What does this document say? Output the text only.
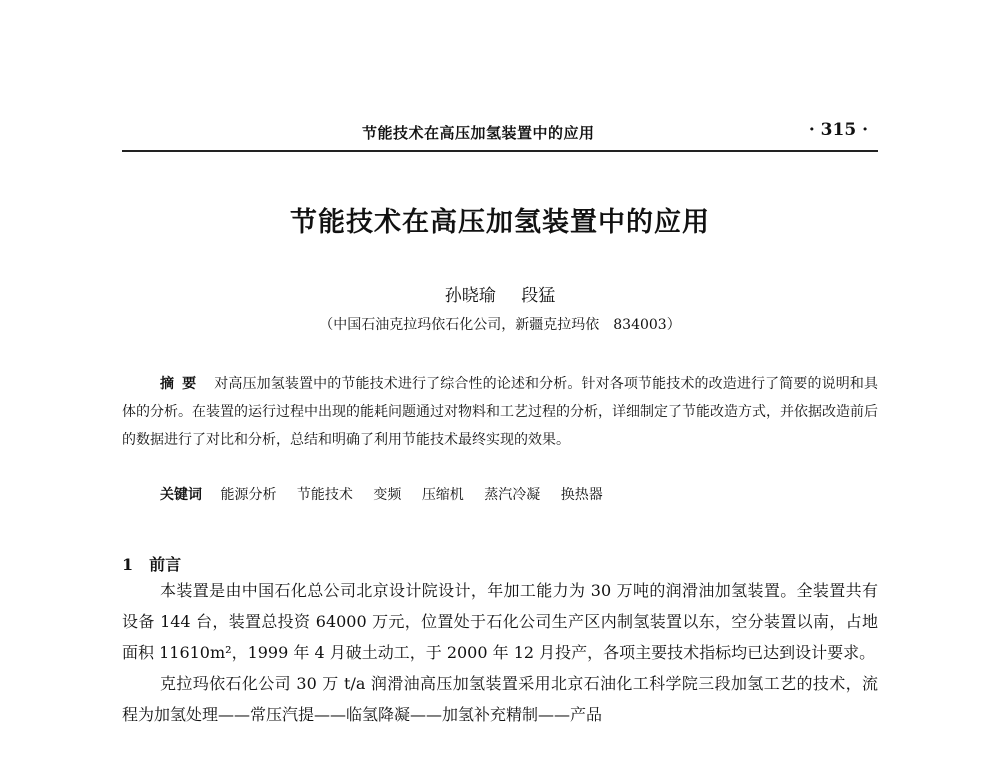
节能技术在高压加氢装置中的应用	· 315 ·
节能技术在高压加氢装置中的应用
孙晓瑜 段猛
（中国石油克拉玛依石化公司，新疆克拉玛依　834003）
摘要 对高压加氢装置中的节能技术进行了综合性的论述和分析。针对各项节能技术的改造进行了简要的说明和具体的分析。在装置的运行过程中出现的能耗问题通过对物料和工艺过程的分析，详细制定了节能改造方式，并依据改造前后的数据进行了对比和分析，总结和明确了利用节能技术最终实现的效果。
关键词 能源分析 节能技术 变频 压缩机 蒸汽冷凝 换热器
1 前言

本装置是由中国石化总公司北京设计院设计，年加工能力为 30 万吨的润滑油加氢装置。全装置共有设备 144 台，装置总投资 64000 万元，位置处于石化公司生产区内制氢装置以东，空分装置以南，占地面积 11610m²，1999 年 4 月破土动工，于 2000 年 12 月投产，各项主要技术指标均已达到设计要求。

克拉玛依石化公司 30 万 t/a 润滑油高压加氢装置采用北京石油化工科学院三段加氢工艺的技术，流程为加氢处理——常压汽提——临氢降凝——加氢补充精制——产品
